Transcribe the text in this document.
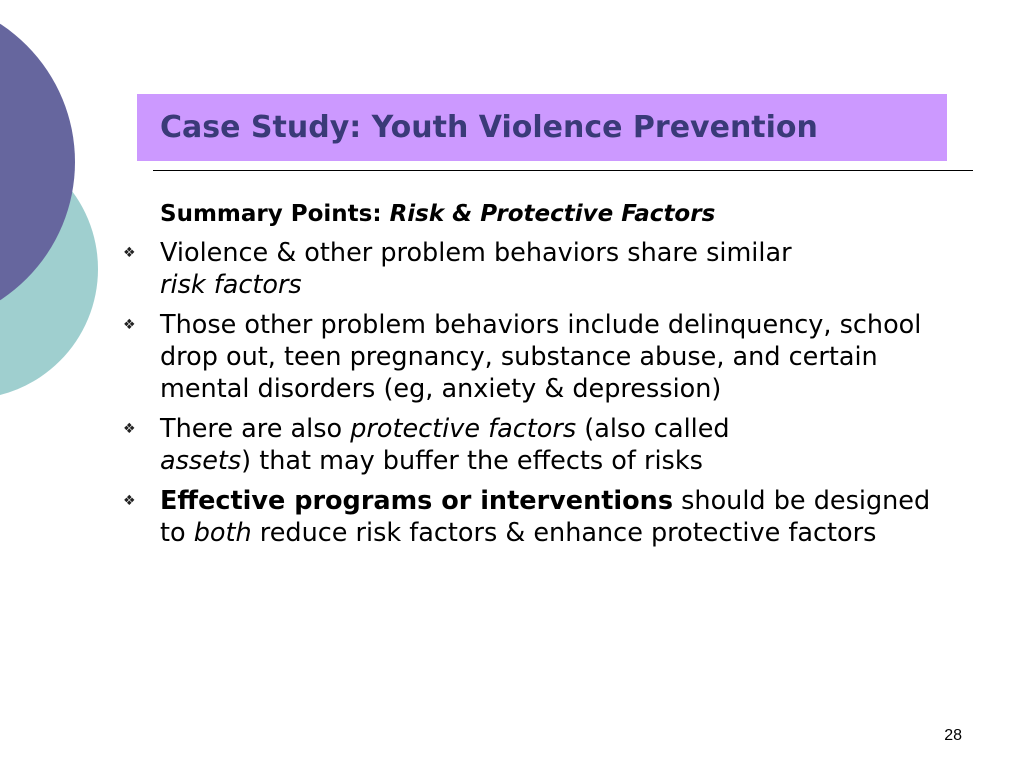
Case Study: Youth Violence Prevention
Summary Points: Risk & Protective Factors
❖ Violence & other problem behaviors share similar
risk factors
❖ Those other problem behaviors include delinquency, school drop out, teen pregnancy, substance abuse, and certain mental disorders (eg, anxiety & depression)
❖ There are also protective factors (also called
assets) that may buffer the effects of risks
❖ Effective programs or interventions should be designed to both reduce risk factors & enhance protective factors
28
